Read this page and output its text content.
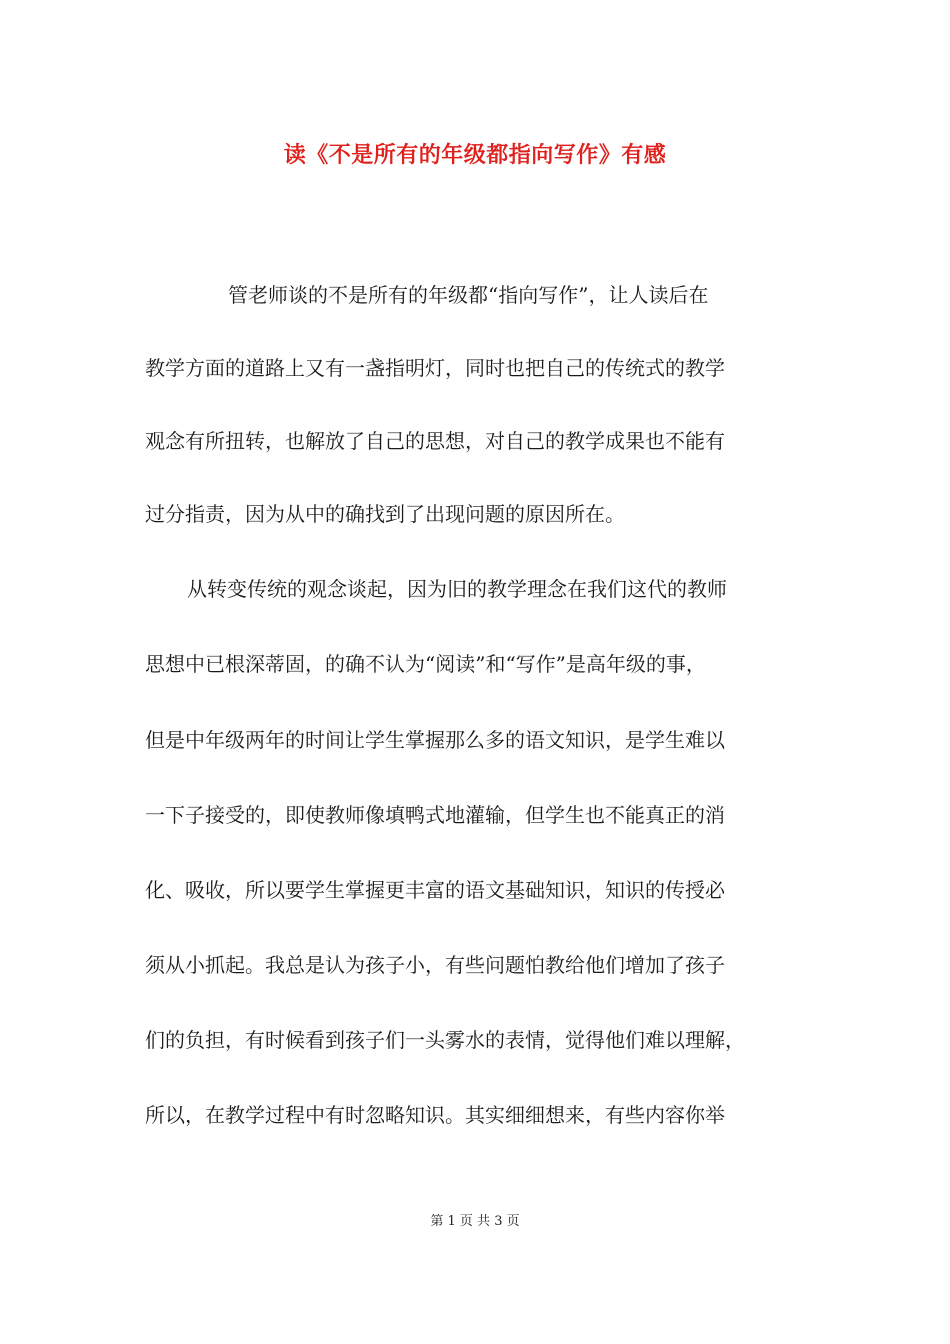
读《不是所有的年级都指向写作》有感
管老师谈的不是所有的年级都“指向写作”，让人读后在
教学方面的道路上又有一盏指明灯，同时也把自己的传统式的教学
观念有所扭转，也解放了自己的思想，对自己的教学成果也不能有
过分指责，因为从中的确找到了出现问题的原因所在。
从转变传统的观念谈起，因为旧的教学理念在我们这代的教师
思想中已根深蒂固，的确不认为“阅读”和“写作”是高年级的事，
但是中年级两年的时间让学生掌握那么多的语文知识，是学生难以
一下子接受的，即使教师像填鸭式地灌输，但学生也不能真正的消
化、吸收，所以要学生掌握更丰富的语文基础知识，知识的传授必
须从小抓起。我总是认为孩子小，有些问题怕教给他们增加了孩子
们的负担，有时候看到孩子们一头雾水的表情，觉得他们难以理解，
所以，在教学过程中有时忽略知识。其实细细想来，有些内容你举
第 1 页 共 3 页
